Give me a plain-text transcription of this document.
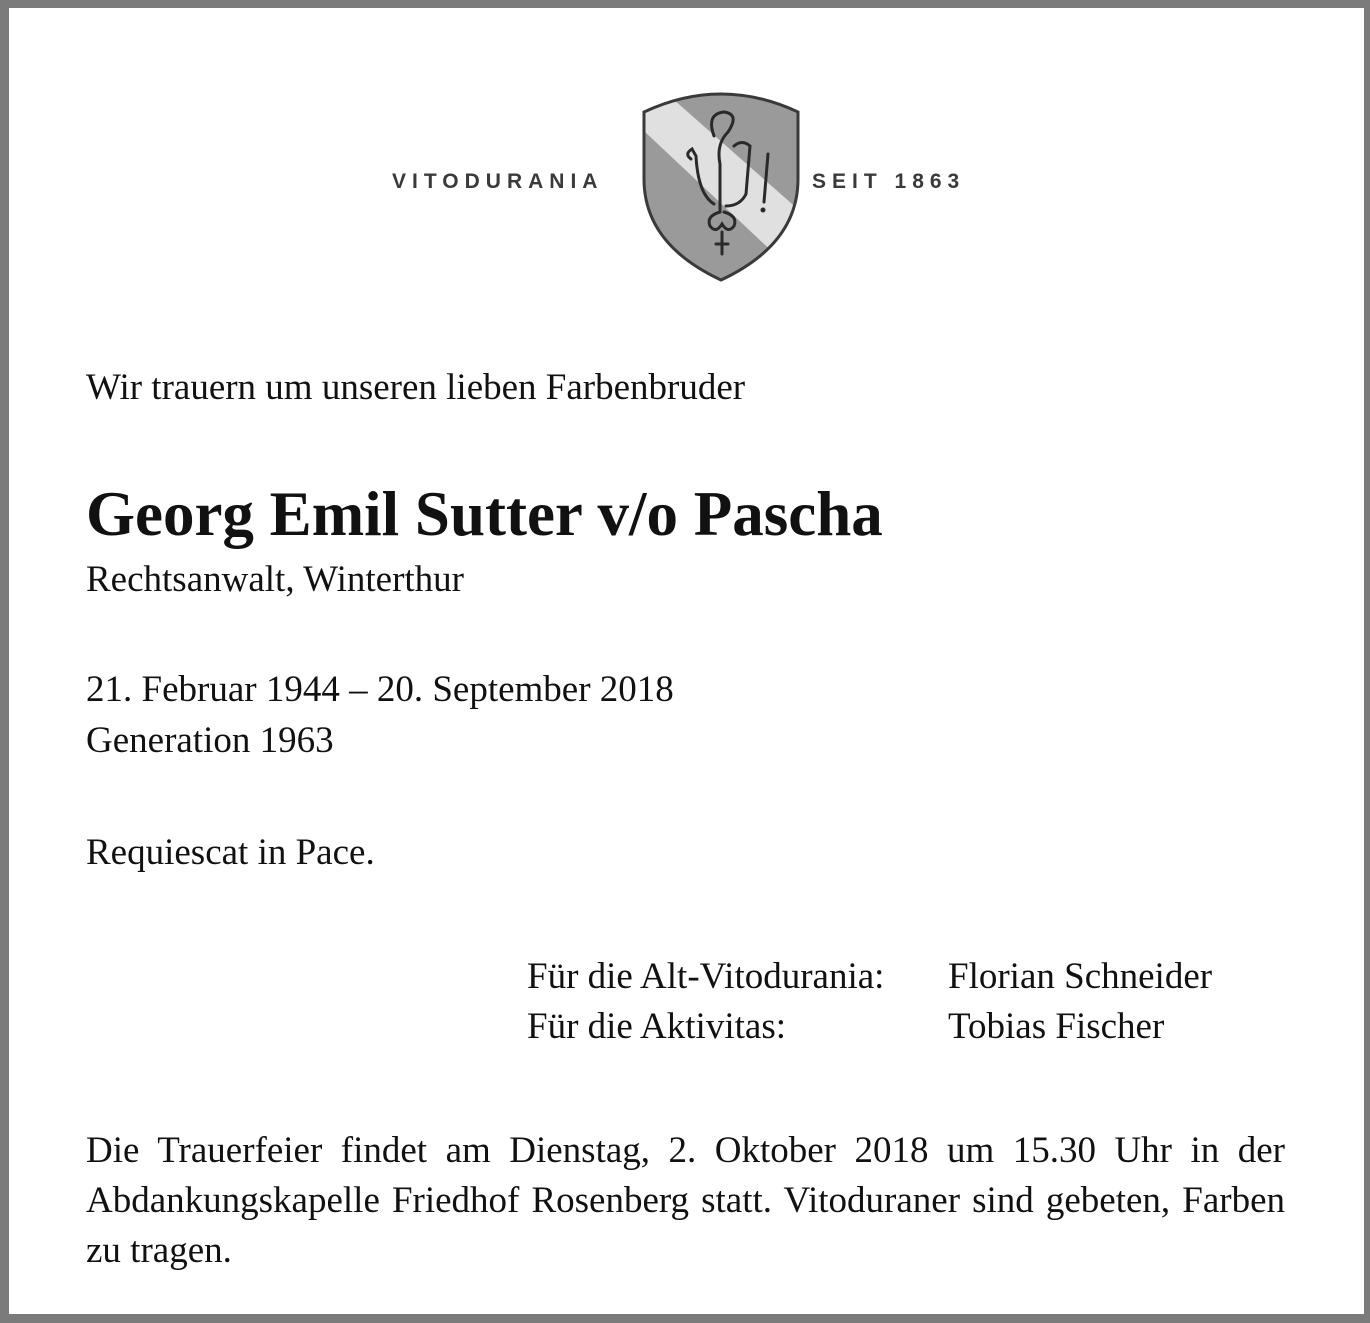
VITODURANIA	SEIT 1863
Wir trauern um unseren lieben Farbenbruder
Georg Emil Sutter v/o Pascha
Rechtsanwalt, Winterthur
21. Februar 1944 – 20. September 2018
Generation 1963
Requiescat in Pace.
Für die Alt-Vitodurania: Florian Schneider
Für die Aktivitas:	Tobias Fischer
Die Trauerfeier findet am Dienstag, 2. Oktober 2018 um 15.30 Uhr in der Abdankungskapelle Friedhof Rosenberg statt. Vitoduraner sind gebeten, Farben zu tragen.
